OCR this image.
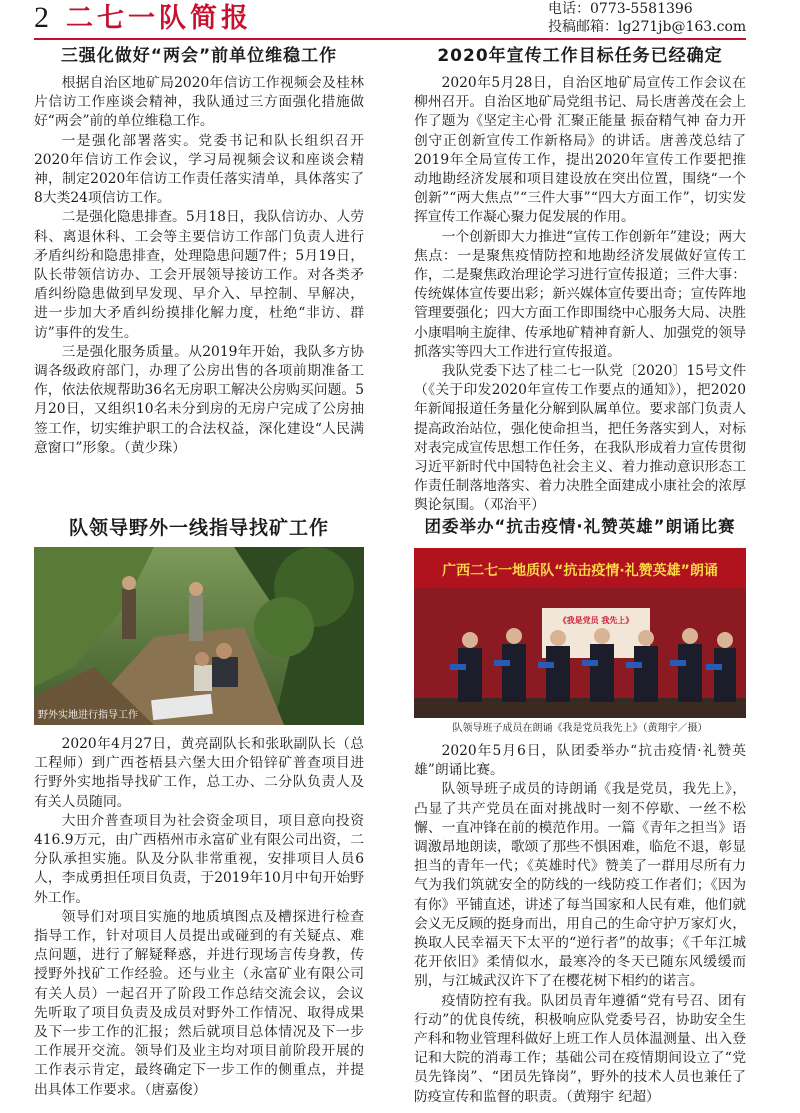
2 二七一队简报	电话：0773-5581396
投稿邮箱：lg271jb@163.com
三强化做好“两会”前单位维稳工作

根据自治区地矿局2020年信访工作视频会及桂林片信访工作座谈会精神，我队通过三方面强化措施做好“两会”前的单位维稳工作。

一是强化部署落实。党委书记和队长组织召开2020年信访工作会议，学习局视频会议和座谈会精神，制定2020年信访工作责任落实清单，具体落实了8大类24项信访工作。

二是强化隐患排查。5月18日，我队信访办、人劳科、离退休科、工会等主要信访工作部门负责人进行矛盾纠纷和隐患排查，处理隐患问题7件；5月19日，队长带领信访办、工会开展领导接访工作。对各类矛盾纠纷隐患做到早发现、早介入、早控制、早解决，进一步加大矛盾纠纷摸排化解力度，杜绝“非访、群访”事件的发生。

三是强化服务质量。从2019年开始，我队多方协调各级政府部门，办理了公房出售的各项前期准备工作，依法依规帮助36名无房职工解决公房购买问题。5月20日，又组织10名未分到房的无房户完成了公房抽签工作，切实维护职工的合法权益，深化建设“人民满意窗口”形象。（黄少珠）

2020年宣传工作目标任务已经确定

2020年5月28日，自治区地矿局宣传工作会议在柳州召开。自治区地矿局党组书记、局长唐善茂在会上作了题为《坚定主心骨 汇聚正能量 振奋精气神 奋力开创守正创新宣传工作新格局》的讲话。唐善茂总结了2019年全局宣传工作，提出2020年宣传工作要把推动地勘经济发展和项目建设放在突出位置，围绕“一个创新”“两大焦点”“三件大事”“四大方面工作”，切实发挥宣传工作凝心聚力促发展的作用。

一个创新即大力推进“宣传工作创新年”建设；两大焦点：一是聚焦疫情防控和地勘经济发展做好宣传工作，二是聚焦政治理论学习进行宣传报道；三件大事：传统媒体宣传要出彩；新兴媒体宣传要出奇；宣传阵地管理要强化；四大方面工作即围绕中心服务大局、决胜小康唱响主旋律、传承地矿精神育新人、加强党的领导抓落实等四大工作进行宣传报道。

我队党委下达了桂二七一队党〔2020〕15号文件（《关于印发2020年宣传工作要点的通知》），把2020年新闻报道任务量化分解到队属单位。要求部门负责人提高政治站位，强化使命担当，把任务落实到人，对标对表完成宣传思想工作任务，在我队形成着力宣传贯彻习近平新时代中国特色社会主义、着力推动意识形态工作责任制落地落实、着力决胜全面建成小康社会的浓厚舆论氛围。（邓治平）

队领导野外一线指导找矿工作
野外实地进行指导工作

2020年4月27日，黄亮副队长和张耿副队长（总工程师）到广西苍梧县六堡大田介铅锌矿普查项目进行野外实地指导找矿工作，总工办、二分队负责人及有关人员随同。

大田介普查项目为社会资金项目，项目意向投资416.9万元，由广西梧州市永富矿业有限公司出资，二分队承担实施。队及分队非常重视，安排项目人员6人，李成勇担任项目负责，于2019年10月中旬开始野外工作。

领导们对项目实施的地质填图点及槽探进行检查指导工作，针对项目人员提出或碰到的有关疑点、难点问题，进行了解疑释惑，并进行现场言传身教，传授野外找矿工作经验。还与业主（永富矿业有限公司有关人员）一起召开了阶段工作总结交流会议，会议先听取了项目负责及成员对野外工作情况、取得成果及下一步工作的汇报；然后就项目总体情况及下一步工作展开交流。领导们及业主均对项目前阶段开展的工作表示肯定，最终确定下一步工作的侧重点，并提出具体工作要求。（唐嘉俊）

团委举办“抗击疫情·礼赞英雄”朗诵比赛
广西二七一地质队“抗击疫情·礼赞英雄”朗诵
《我是党员 我先上》
队领导班子成员在朗诵《我是党员我先上》（黄翔宇／摄）

2020年5月6日，队团委举办“抗击疫情·礼赞英雄”朗诵比赛。

队领导班子成员的诗朗诵《我是党员，我先上》，凸显了共产党员在面对挑战时一刻不停歇、一丝不松懈、一直冲锋在前的模范作用。一篇《青年之担当》语调激昂地朗读，歌颂了那些不惧困难，临危不退，彰显担当的青年一代；《英雄时代》赞美了一群用尽所有力气为我们筑就安全的防线的一线防疫工作者们；《因为有你》平铺直述，讲述了每当国家和人民有难，他们就会义无反顾的挺身而出，用自己的生命守护万家灯火，换取人民幸福天下太平的“逆行者”的故事；《千年江城花开依旧》柔情似水，最寒冷的冬天已随东风缓缓而别，与江城武汉许下了在樱花树下相约的诺言。

疫情防控有我。队团员青年遵循“党有号召、团有行动”的优良传统，积极响应队党委号召，协助安全生产科和物业管理科做好上班工作人员体温测量、出入登记和大院的消毒工作；基础公司在疫情期间设立了“党员先锋岗”、“团员先锋岗”，野外的技术人员也兼任了防疫宣传和监督的职责。（黄翔宇 纪超）
